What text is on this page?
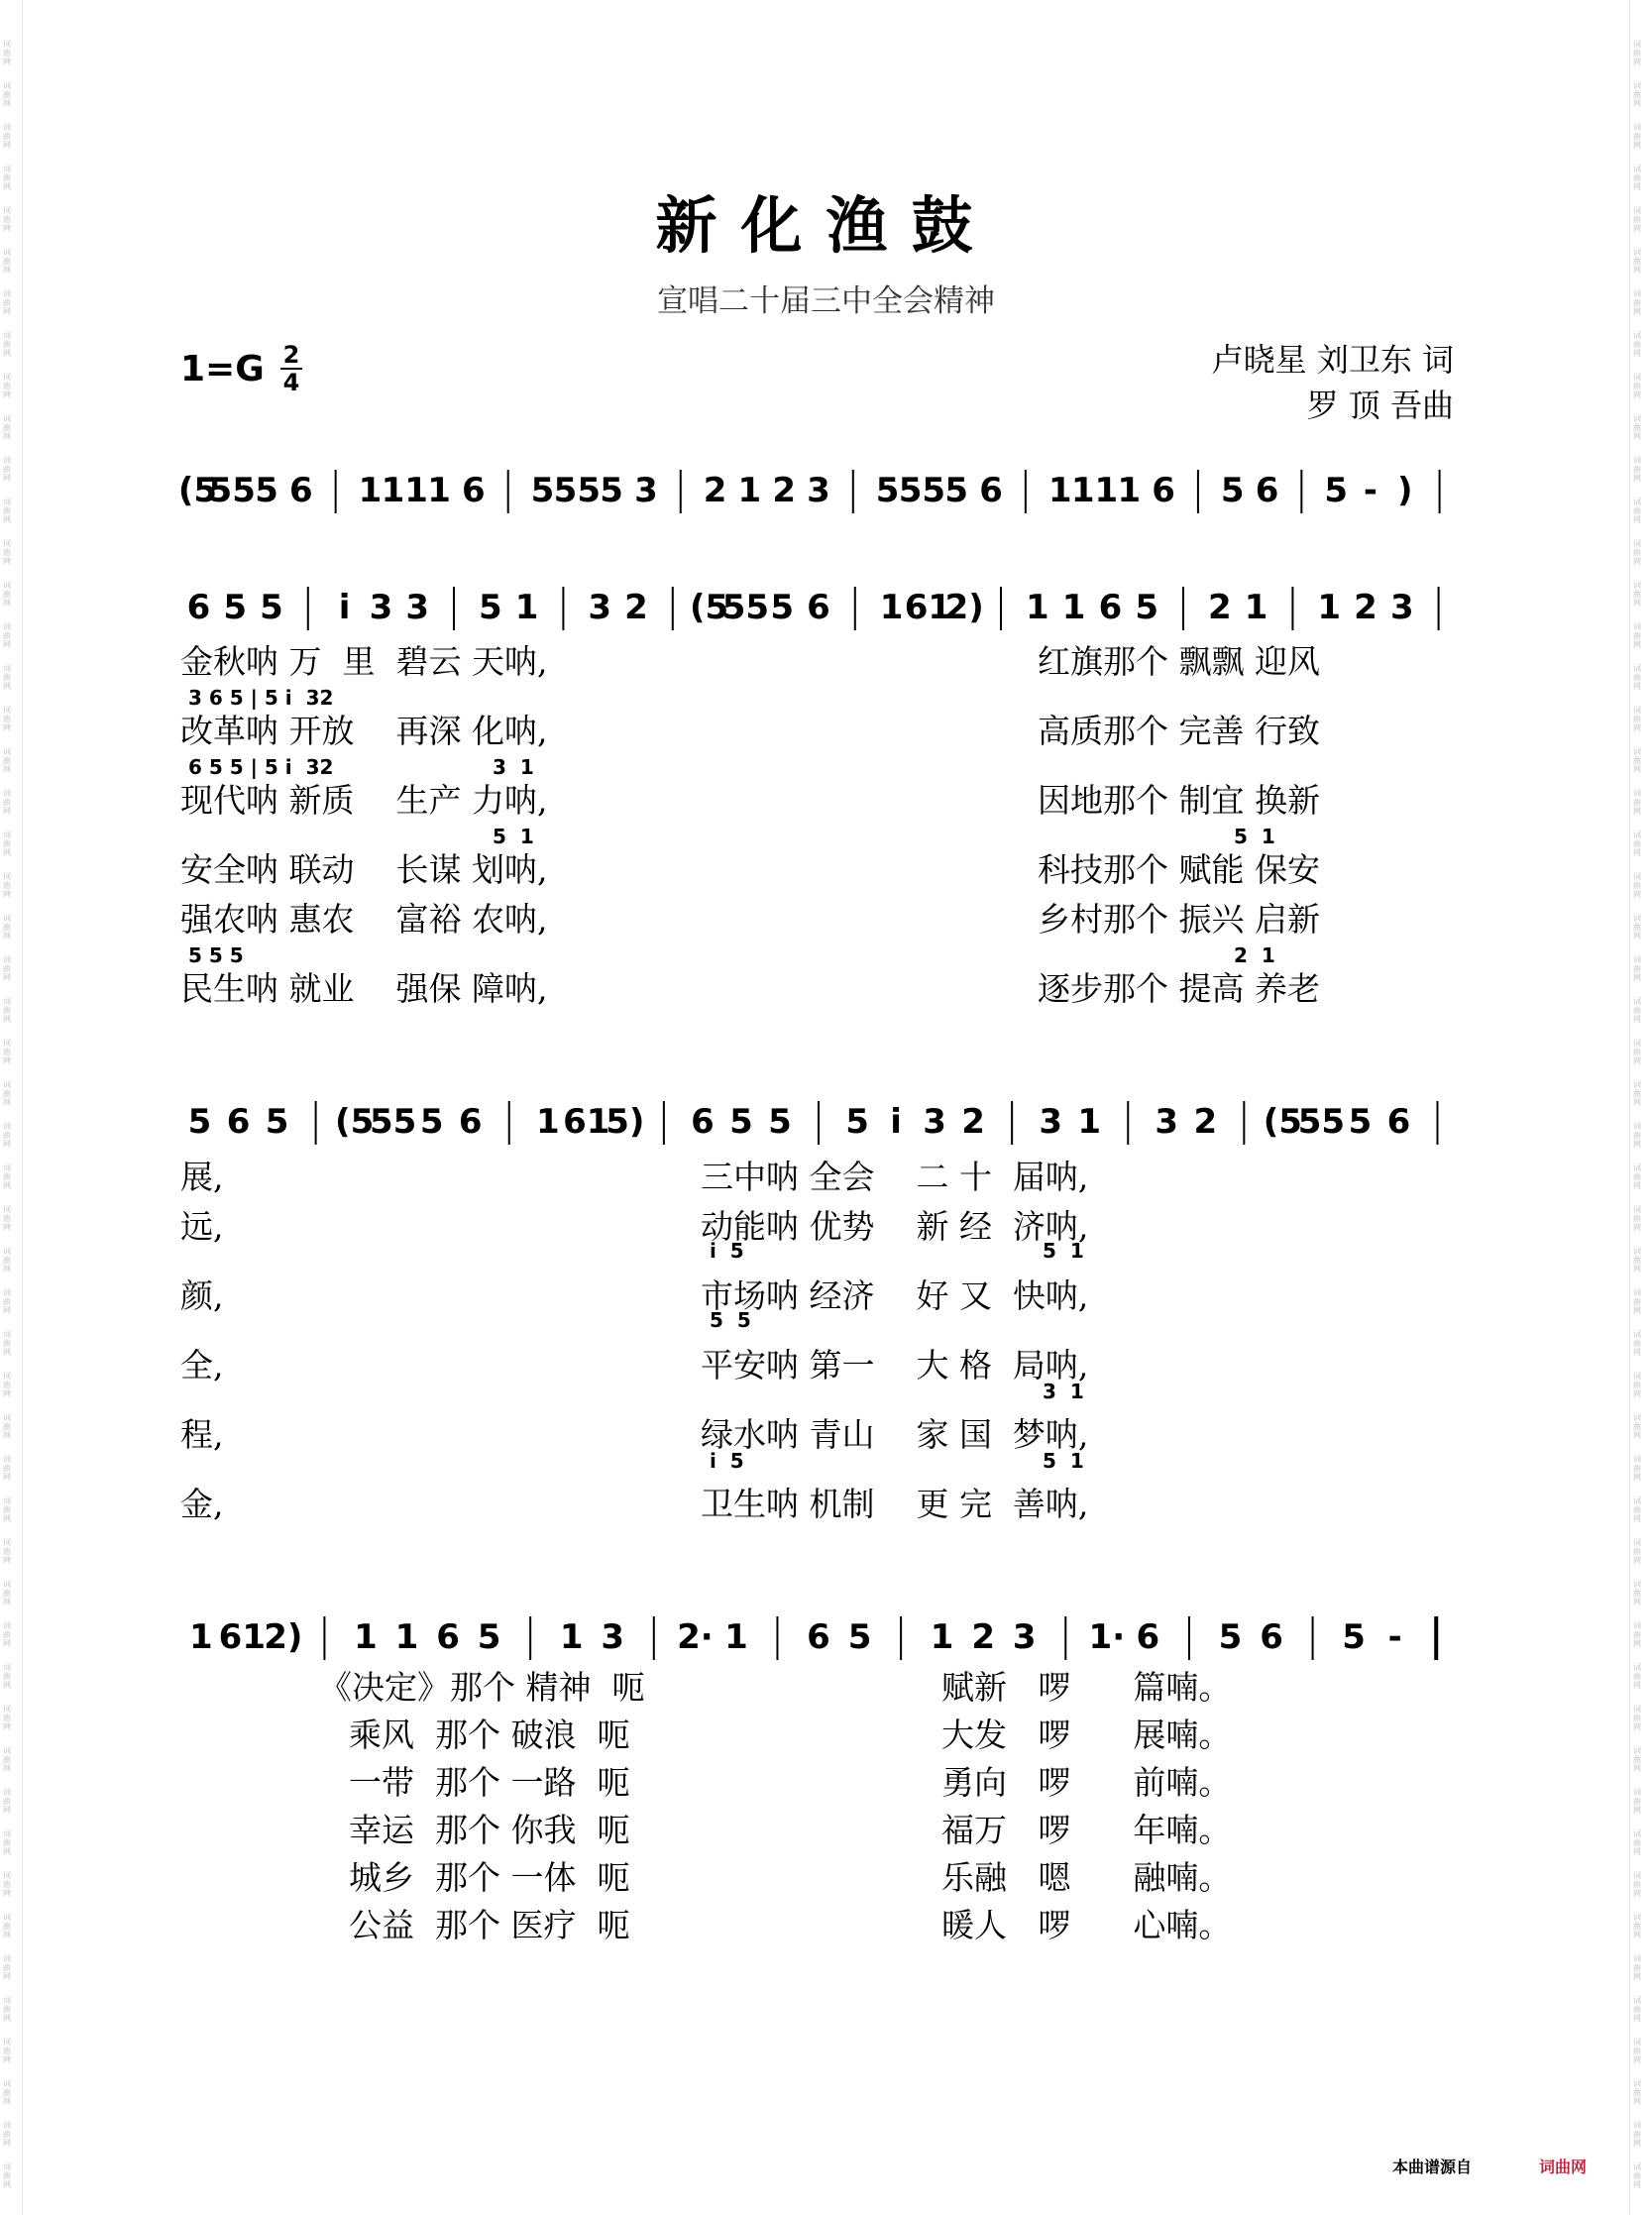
词
曲
网
词
曲
网
词
曲
网
词
曲
网
词
曲
网
词
曲
网
词
曲
网
词
曲
网
词
曲
网
词
曲
网
词
曲
网
词
曲
网
词
曲
网
词
曲
网
词
曲
网
词
曲
网
词
曲
网
词
曲
网
词
曲
网
词
曲
网
词
曲
网
词
曲
网
词
曲
网
词
曲
网
词
曲
网
词
曲
网
词
曲
网
词
曲
网
词
曲
网
词
曲
网
词
曲
网
词
曲
网
词
曲
网
词
曲
网
词
曲
网
词
曲
网
词
曲
网
词
曲
网
词
曲
网
词
曲
网
词
曲
网
词
曲
网
词
曲
网
词
曲
网
词
曲
网
词
曲
网
词
曲
网
词
曲
网
词
曲
网
词
曲
网
词
曲
网
词
曲
网
词
曲
网
词
曲
网
词
曲
网
词
曲
网
词
曲
网
词
曲
网
词
曲
网
词
曲
网
词
曲
网
词
曲
网
词
曲
网
词
曲
网
词
曲
网
词
曲
网
词
曲
网
词
曲
网
词
曲
网
词
曲
网
词
曲
网
词
曲
网
词
曲
网
词
曲
网
词
曲
网
词
曲
网
词
曲
网
词
曲
网
词
曲
网
词
曲
网
词
曲
网
词
曲
网
词
曲
网
词
曲
网
词
曲
网
词
曲
网
词
曲
网
词
曲
网
词
曲
网
词
曲
网
词
曲
网
词
曲
网
词
曲
网
词
曲
网
词
曲
网
词
曲
网
词
曲
网
词
曲
网
词
曲
网
词
曲
网
词
曲
网
词
曲
网
词
曲
网
词
曲
网
新化渔鼓
宣唱二十届三中全会精神
1=G 2
4
卢晓星 刘卫东 词
罗 顶 吾曲
(5
55 5 6 1 11 1 6 5 55 5 3 2 1 2 3 5 55 5 6 1 11 1 6 5 6 5 - )
6 5 5 i 3 3 5 1 3 2 (5
55 5 6 1 61
2) 1 1 6 5 2 1 1 2 3
5 6 5 (5
55 5 6 1 61
5) 6 5 5 5 i 3 2 3 1 3 2 (5
55 5 6
1 61
2) 1 1 6 5 1 3 2· 1 6 5 1 2 3 1· 6 5 6 5 -
金秋呐 万  里  碧云 天呐,	红旗那个 飘飘 迎风
改革呐 开放    再深 化呐,	高质那个 完善 行致
现代呐 新质    生产 力呐,	因地那个 制宜 换新
安全呐 联动    长谋 划呐,	科技那个 赋能 保安
强农呐 惠农    富裕 农呐,	乡村那个 振兴 启新
民生呐 就业    强保 障呐,	逐步那个 提高 养老
3 6 5 | 5 i  32
6 5 5 | 5 i  32	3  1
5  1	5  1
5 5 5	2  1
展,	三中呐 全会    二 十  届呐,
远,	动能呐 优势    新 经  济呐,
颜,	市场呐 经济    好 又  快呐,
全,	平安呐 第一    大 格  局呐,
程,	绿水呐 青山    家 国  梦呐,
金,	卫生呐 机制    更 完  善呐,
i  5	5  1
5  5
3  1
i  5	5  1
《决定》那个 精神  呃	赋新   啰      篇喃。
乘风  那个 破浪  呃	大发   啰      展喃。
一带  那个 一路  呃	勇向   啰      前喃。
幸运  那个 你我  呃	福万   啰      年喃。
城乡  那个 一体  呃	乐融   嗯      融喃。
公益  那个 医疗  呃	暖人   啰      心喃。
本曲谱源自	词曲网
